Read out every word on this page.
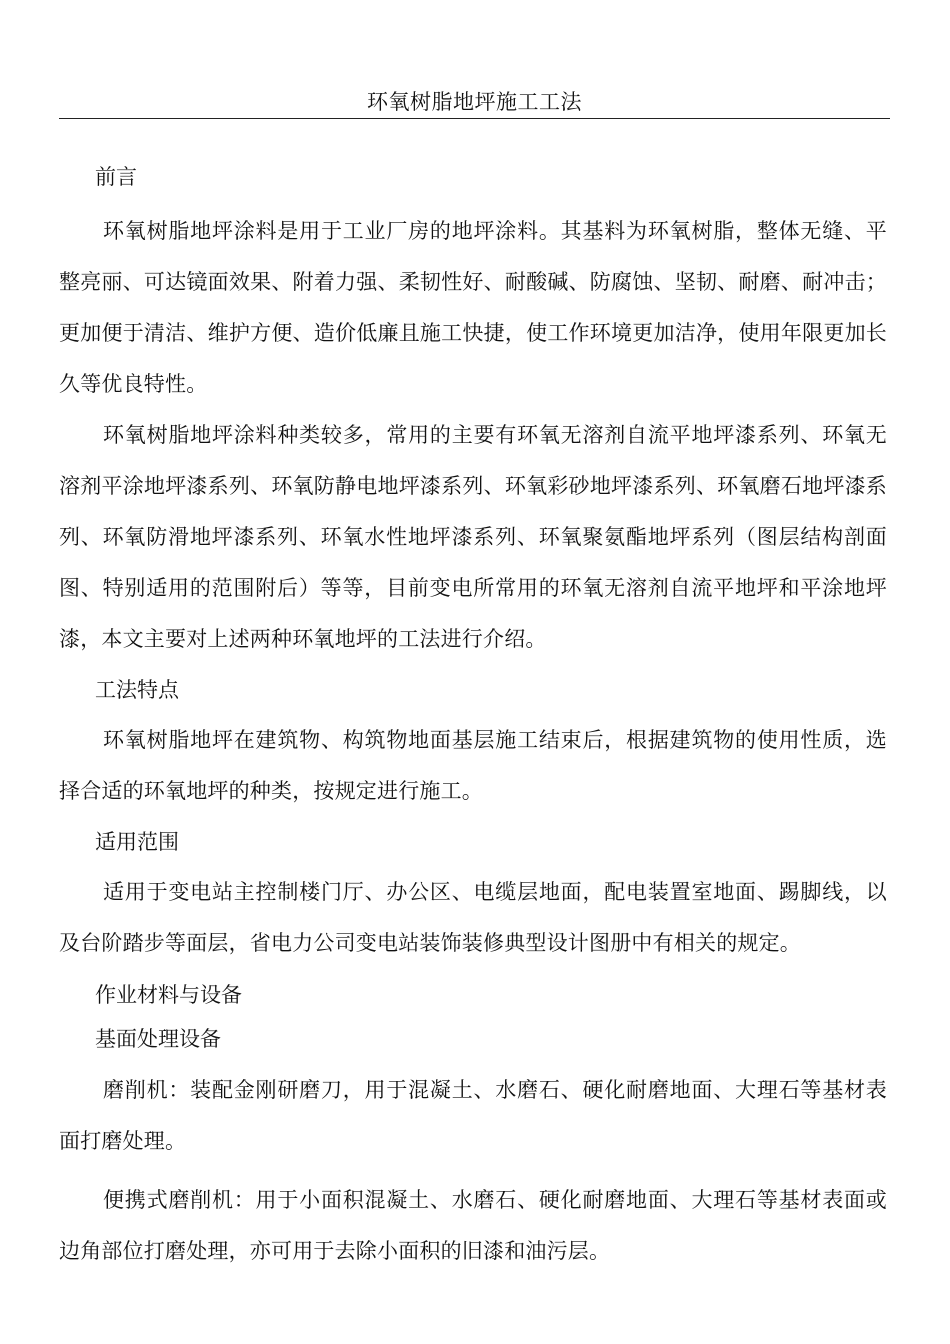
环氧树脂地坪施工工法

前言

环氧树脂地坪涂料是用于工业厂房的地坪涂料。其基料为环氧树脂，整体无缝、平整亮丽、可达镜面效果、附着力强、柔韧性好、耐酸碱、防腐蚀、坚韧、耐磨、耐冲击；更加便于清洁、维护方便、造价低廉且施工快捷，使工作环境更加洁净，使用年限更加长久等优良特性。

环氧树脂地坪涂料种类较多，常用的主要有环氧无溶剂自流平地坪漆系列、环氧无溶剂平涂地坪漆系列、环氧防静电地坪漆系列、环氧彩砂地坪漆系列、环氧磨石地坪漆系列、环氧防滑地坪漆系列、环氧水性地坪漆系列、环氧聚氨酯地坪系列（图层结构剖面图、特别适用的范围附后）等等，目前变电所常用的环氧无溶剂自流平地坪和平涂地坪漆，本文主要对上述两种环氧地坪的工法进行介绍。

工法特点

环氧树脂地坪在建筑物、构筑物地面基层施工结束后，根据建筑物的使用性质，选择合适的环氧地坪的种类，按规定进行施工。

适用范围

适用于变电站主控制楼门厅、办公区、电缆层地面，配电装置室地面、踢脚线，以及台阶踏步等面层，省电力公司变电站装饰装修典型设计图册中有相关的规定。

作业材料与设备

基面处理设备

磨削机：装配金刚研磨刀，用于混凝土、水磨石、硬化耐磨地面、大理石等基材表面打磨处理。

便携式磨削机：用于小面积混凝土、水磨石、硬化耐磨地面、大理石等基材表面或边角部位打磨处理，亦可用于去除小面积的旧漆和油污层。
